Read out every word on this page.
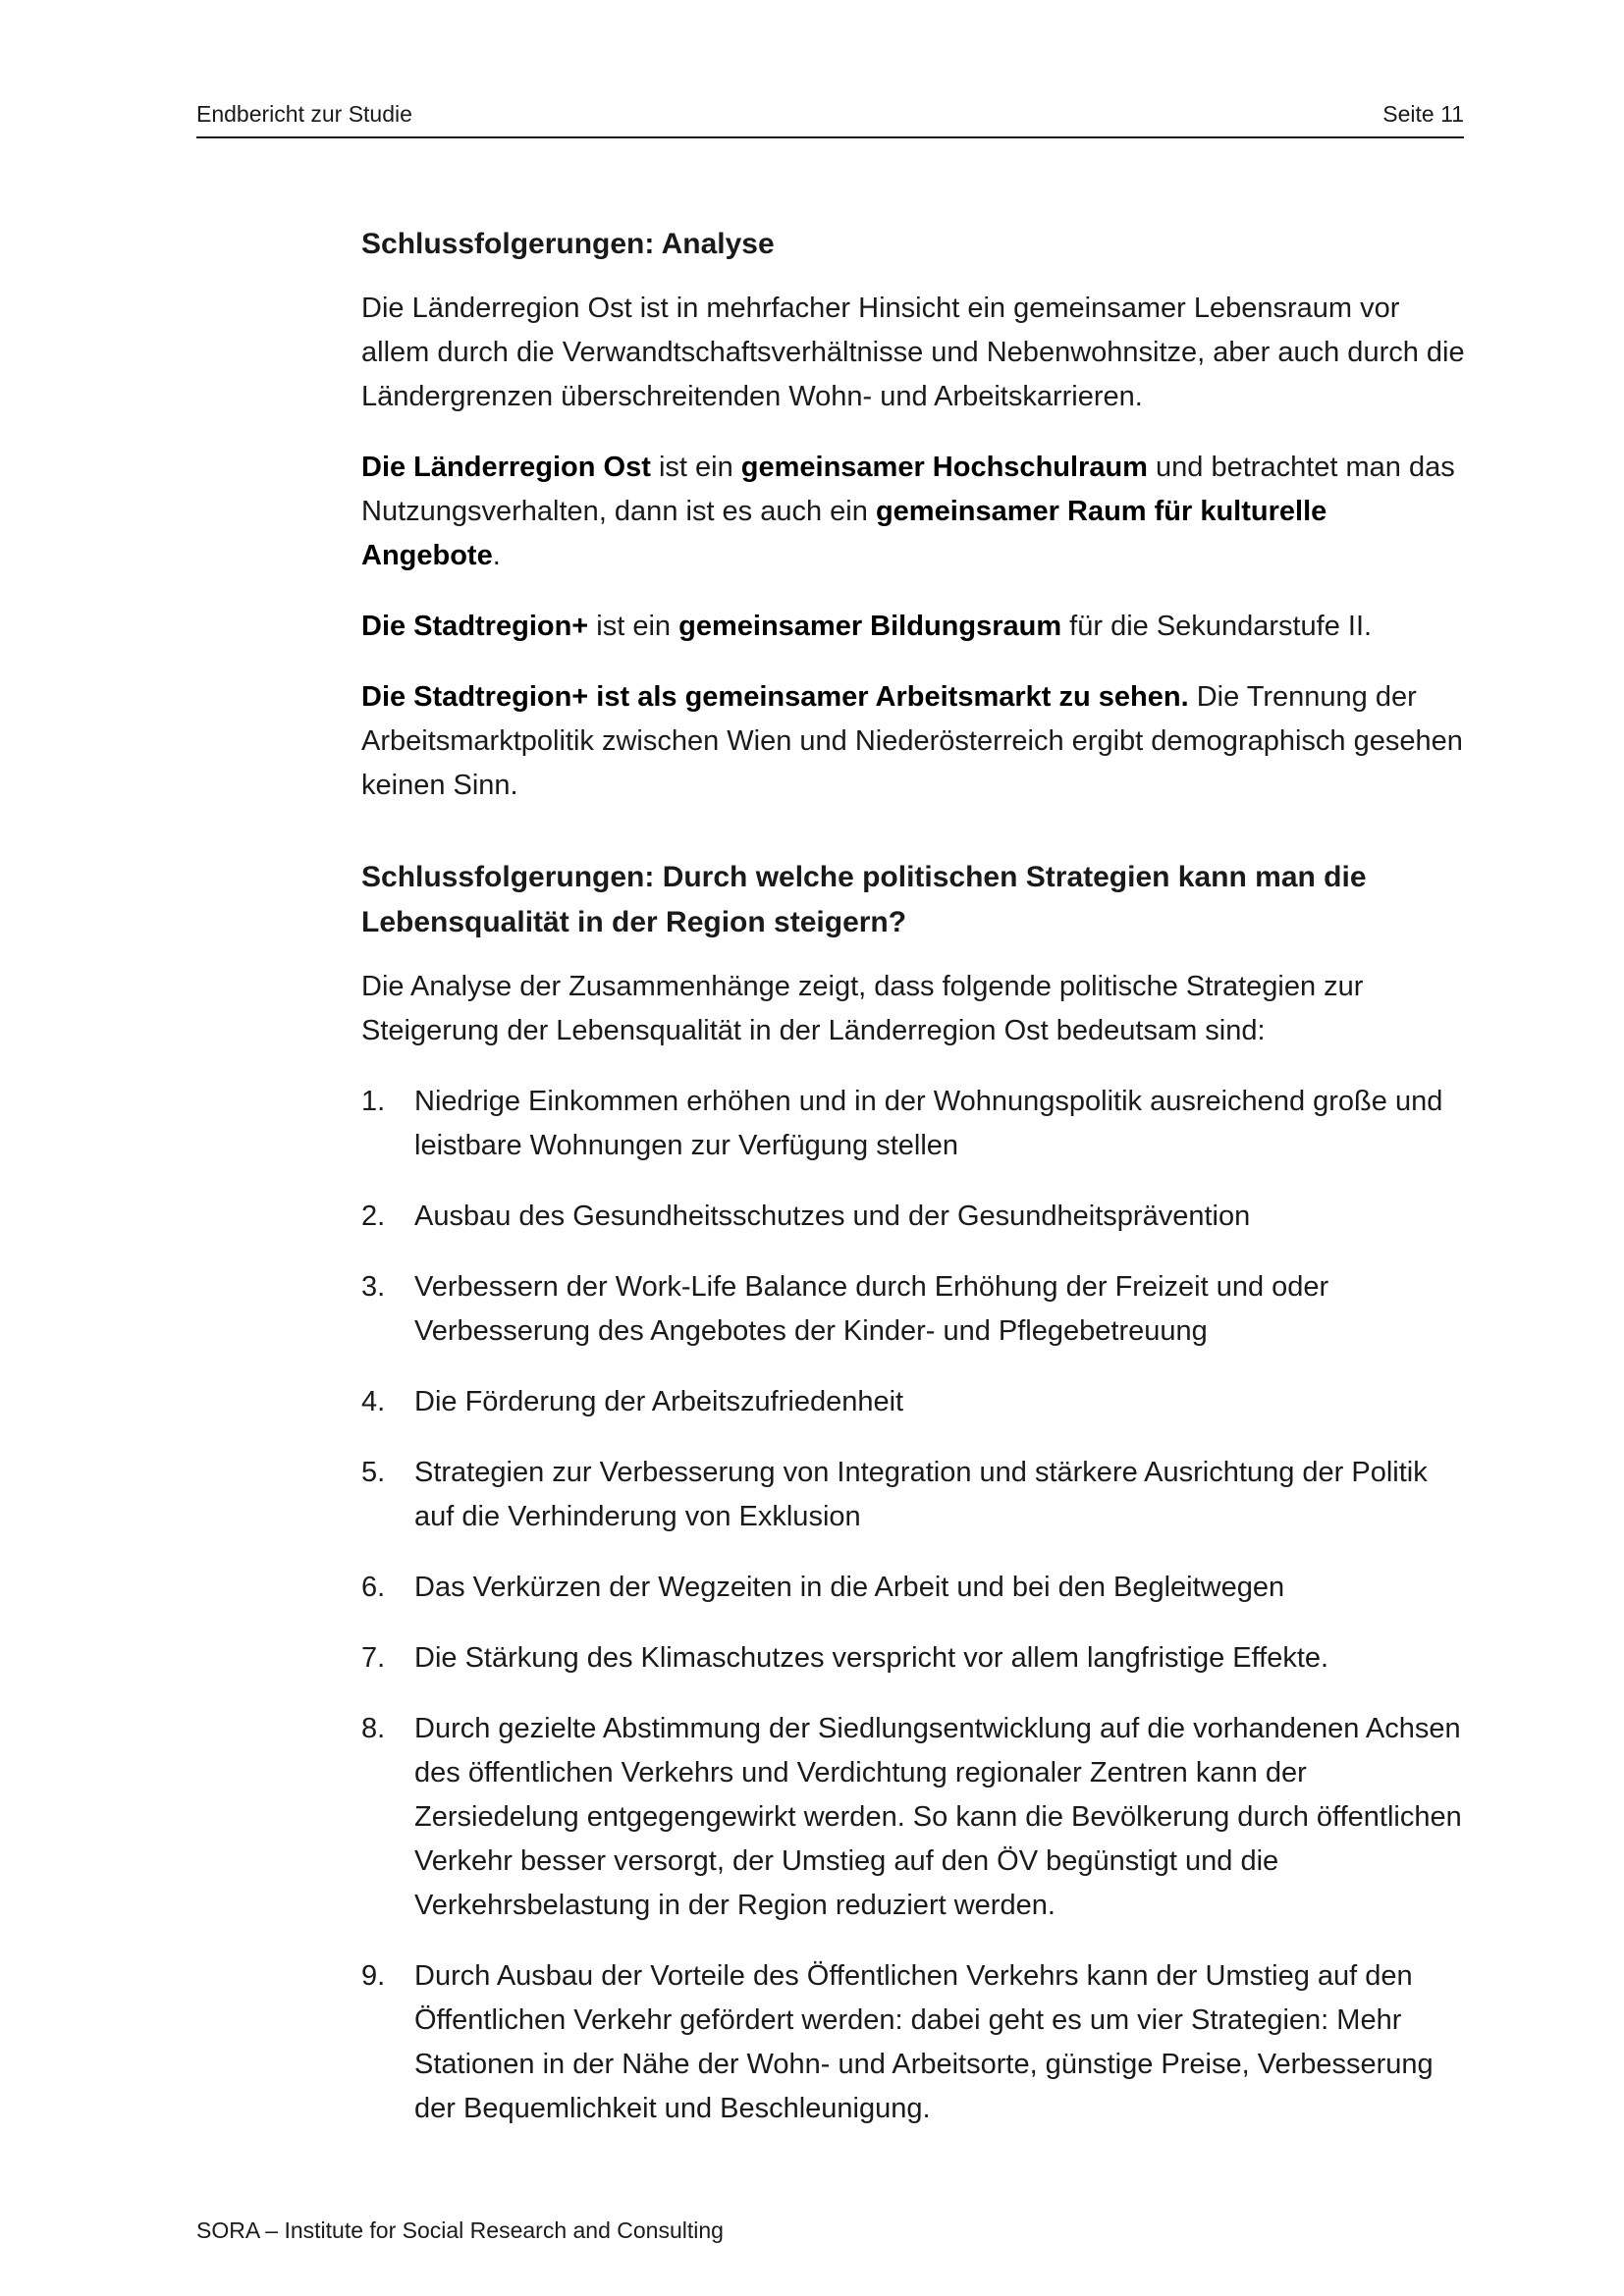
Endbericht zur Studie	Seite 11
Schlussfolgerungen: Analyse

Die Länderregion Ost ist in mehrfacher Hinsicht ein gemeinsamer Lebensraum vor allem durch die Verwandtschaftsverhältnisse und Nebenwohnsitze, aber auch durch die Ländergrenzen überschreitenden Wohn- und Arbeitskarrieren.

Die Länderregion Ost ist ein gemeinsamer Hochschulraum und betrachtet man das Nutzungsverhalten, dann ist es auch ein gemeinsamer Raum für kulturelle Angebote.

Die Stadtregion+ ist ein gemeinsamer Bildungsraum für die Sekundarstufe II.

Die Stadtregion+ ist als gemeinsamer Arbeitsmarkt zu sehen. Die Trennung der Arbeitsmarktpolitik zwischen Wien und Niederösterreich ergibt demographisch gesehen keinen Sinn.

Schlussfolgerungen: Durch welche politischen Strategien kann man die Lebensqualität in der Region steigern?

Die Analyse der Zusammenhänge zeigt, dass folgende politische Strategien zur Steigerung der Lebensqualität in der Länderregion Ost bedeutsam sind:

1.	Niedrige Einkommen erhöhen und in der Wohnungspolitik ausreichend große und leistbare Wohnungen zur Verfügung stellen
2.	Ausbau des Gesundheitsschutzes und der Gesundheitsprävention
3.	Verbessern der Work-Life Balance durch Erhöhung der Freizeit und oder Verbesserung des Angebotes der Kinder- und Pflegebetreuung
4.	Die Förderung der Arbeitszufriedenheit
5.	Strategien zur Verbesserung von Integration und stärkere Ausrichtung der Politik auf die Verhinderung von Exklusion
6.	Das Verkürzen der Wegzeiten in die Arbeit und bei den Begleitwegen
7.	Die Stärkung des Klimaschutzes verspricht vor allem langfristige Effekte.
8.	Durch gezielte Abstimmung der Siedlungsentwicklung auf die vorhandenen Achsen des öffentlichen Verkehrs und Verdichtung regionaler Zentren kann der Zersiedelung entgegengewirkt werden. So kann die Bevölkerung durch öffentlichen Verkehr besser versorgt, der Umstieg auf den ÖV begünstigt und die Verkehrsbelastung in der Region reduziert werden.
9.	Durch Ausbau der Vorteile des Öffentlichen Verkehrs kann der Umstieg auf den Öffentlichen Verkehr gefördert werden: dabei geht es um vier Strategien: Mehr Stationen in der Nähe der Wohn- und Arbeitsorte, günstige Preise, Verbesserung der Bequemlichkeit und Beschleunigung.
SORA – Institute for Social Research and Consulting
